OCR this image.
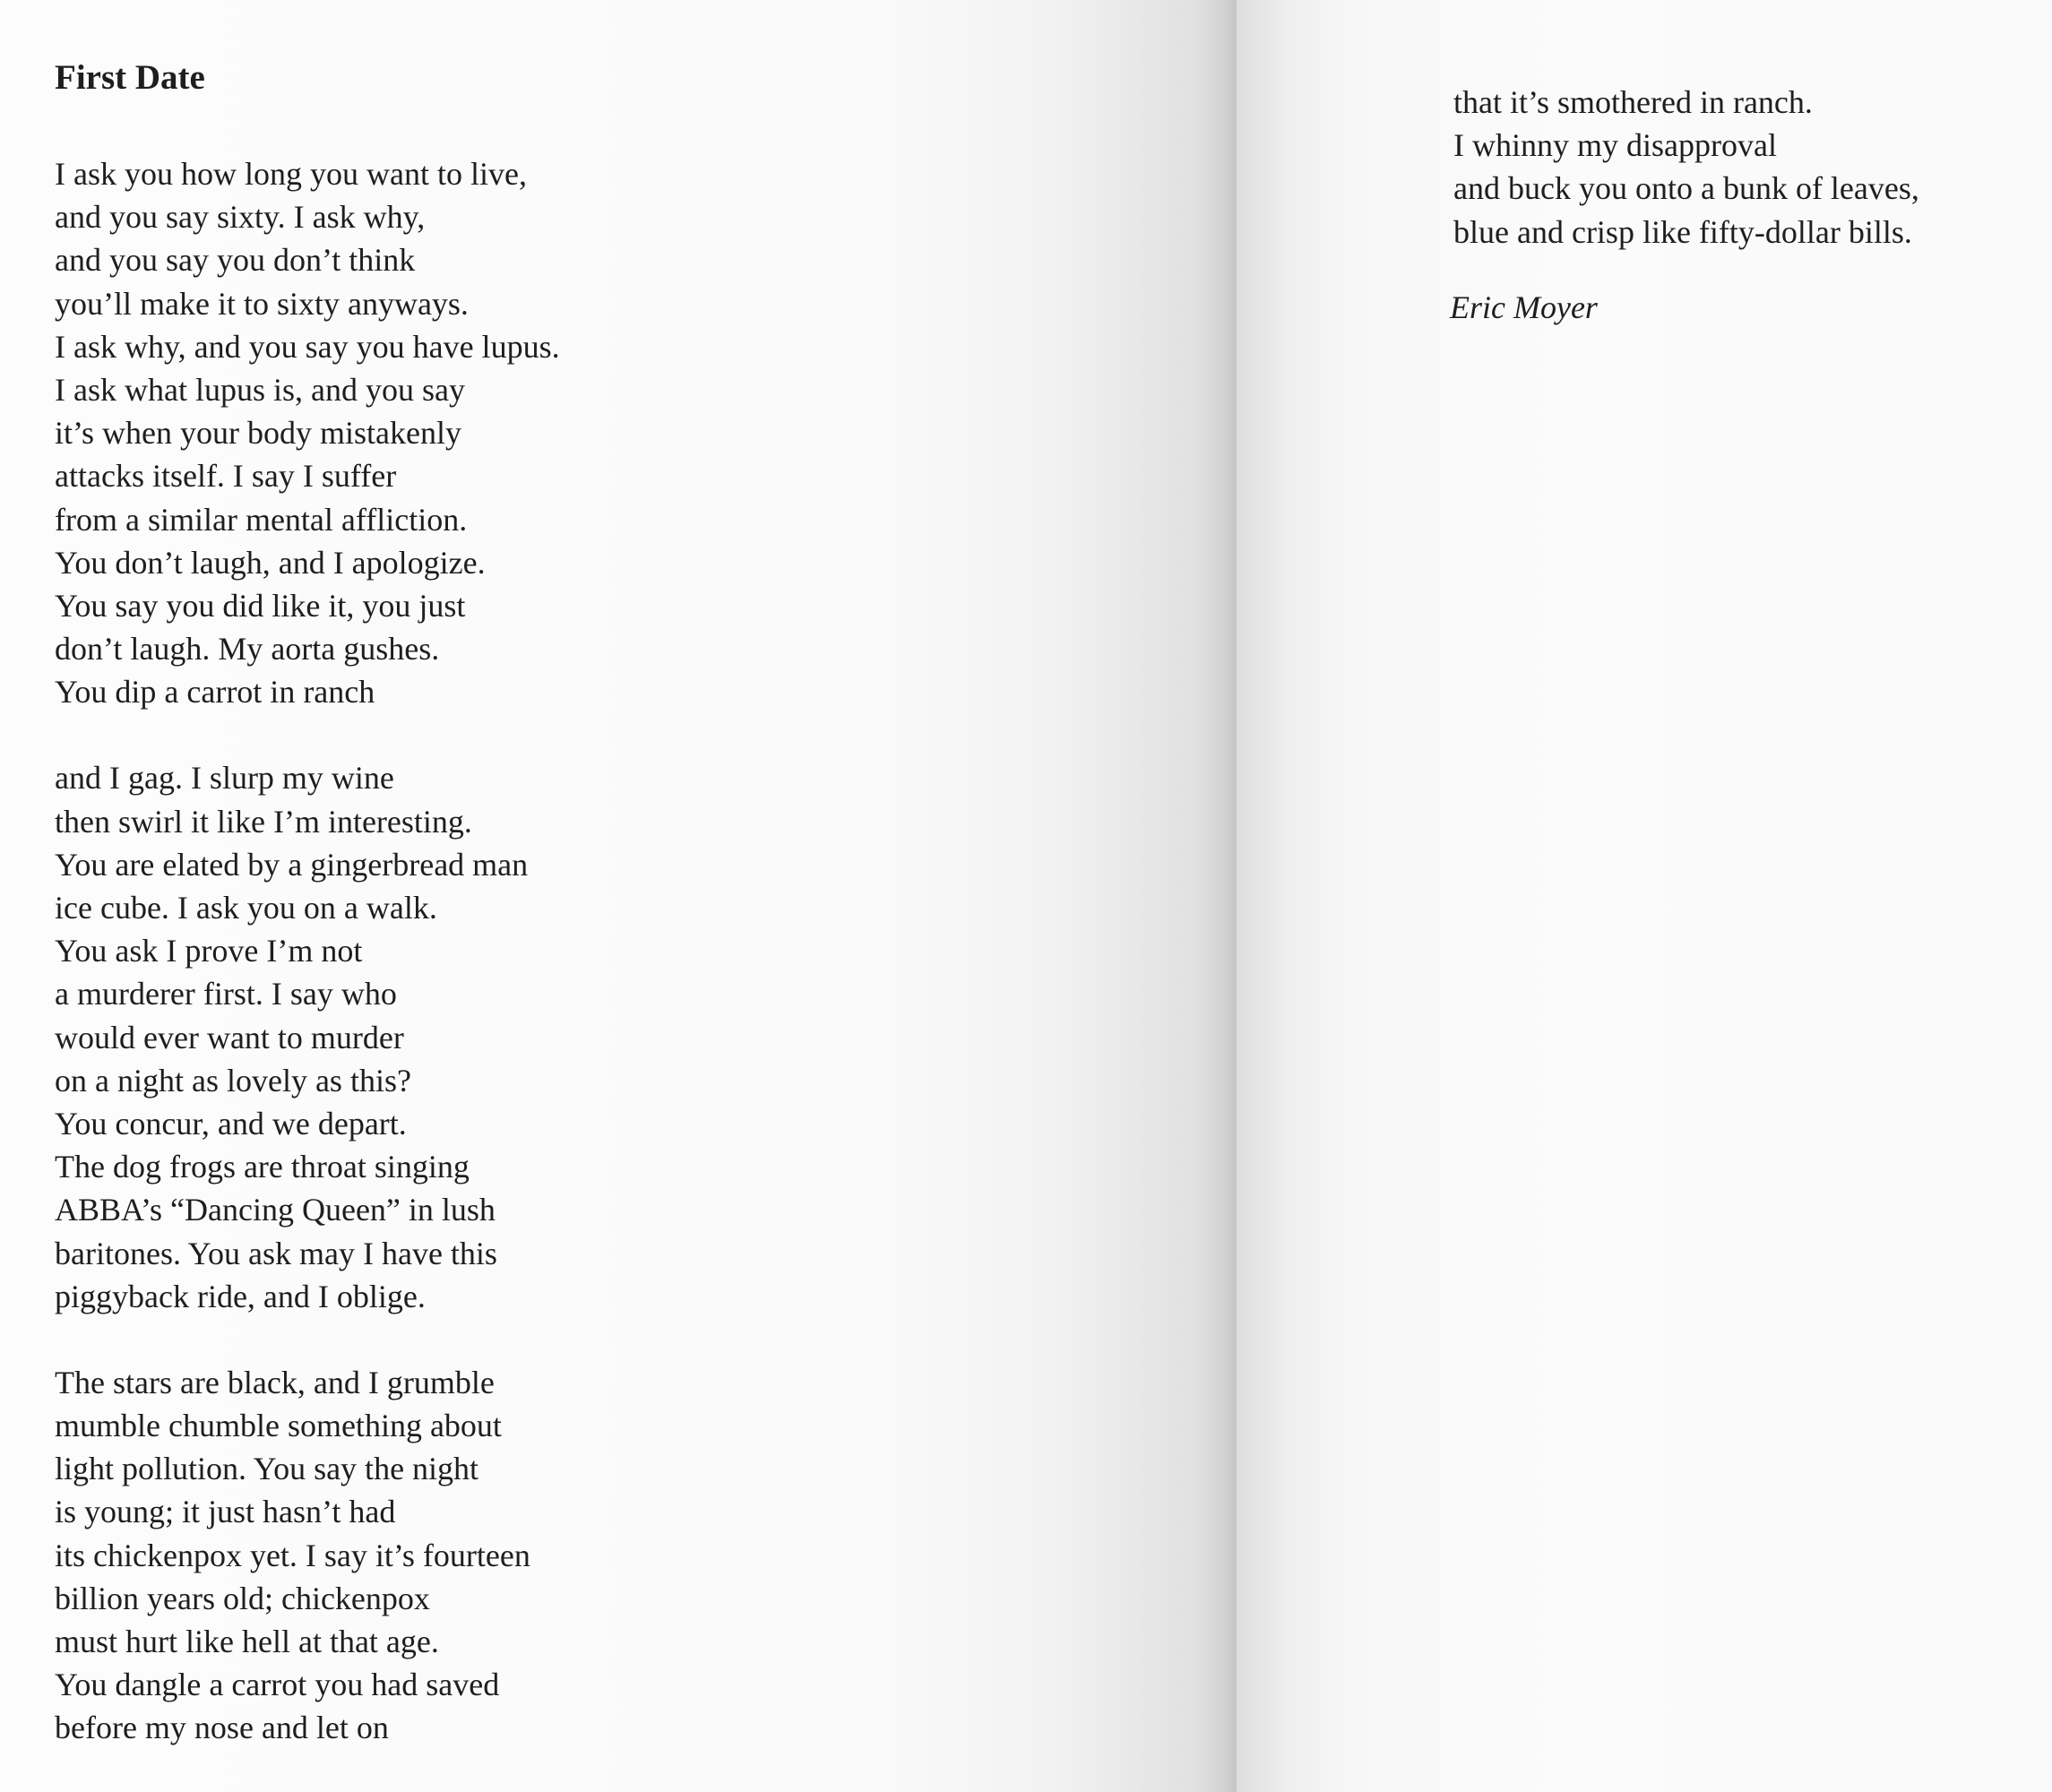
First Date
I ask you how long you want to live,
and you say sixty. I ask why,
and you say you don’t think
you’ll make it to sixty anyways.
I ask why, and you say you have lupus.
I ask what lupus is, and you say
it’s when your body mistakenly
attacks itself. I say I suffer
from a similar mental affliction.
You don’t laugh, and I apologize.
You say you did like it, you just
don’t laugh. My aorta gushes.
You dip a carrot in ranch
and I gag. I slurp my wine
then swirl it like I’m interesting.
You are elated by a gingerbread man
ice cube. I ask you on a walk.
You ask I prove I’m not
a murderer first. I say who
would ever want to murder
on a night as lovely as this?
You concur, and we depart.
The dog frogs are throat singing
ABBA’s “Dancing Queen” in lush
baritones. You ask may I have this
piggyback ride, and I oblige.
The stars are black, and I grumble
mumble chumble something about
light pollution. You say the night
is young; it just hasn’t had
its chickenpox yet. I say it’s fourteen
billion years old; chickenpox
must hurt like hell at that age.
You dangle a carrot you had saved
before my nose and let on
that it’s smothered in ranch.
I whinny my disapproval
and buck you onto a bunk of leaves,
blue and crisp like fifty-dollar bills.
Eric Moyer
